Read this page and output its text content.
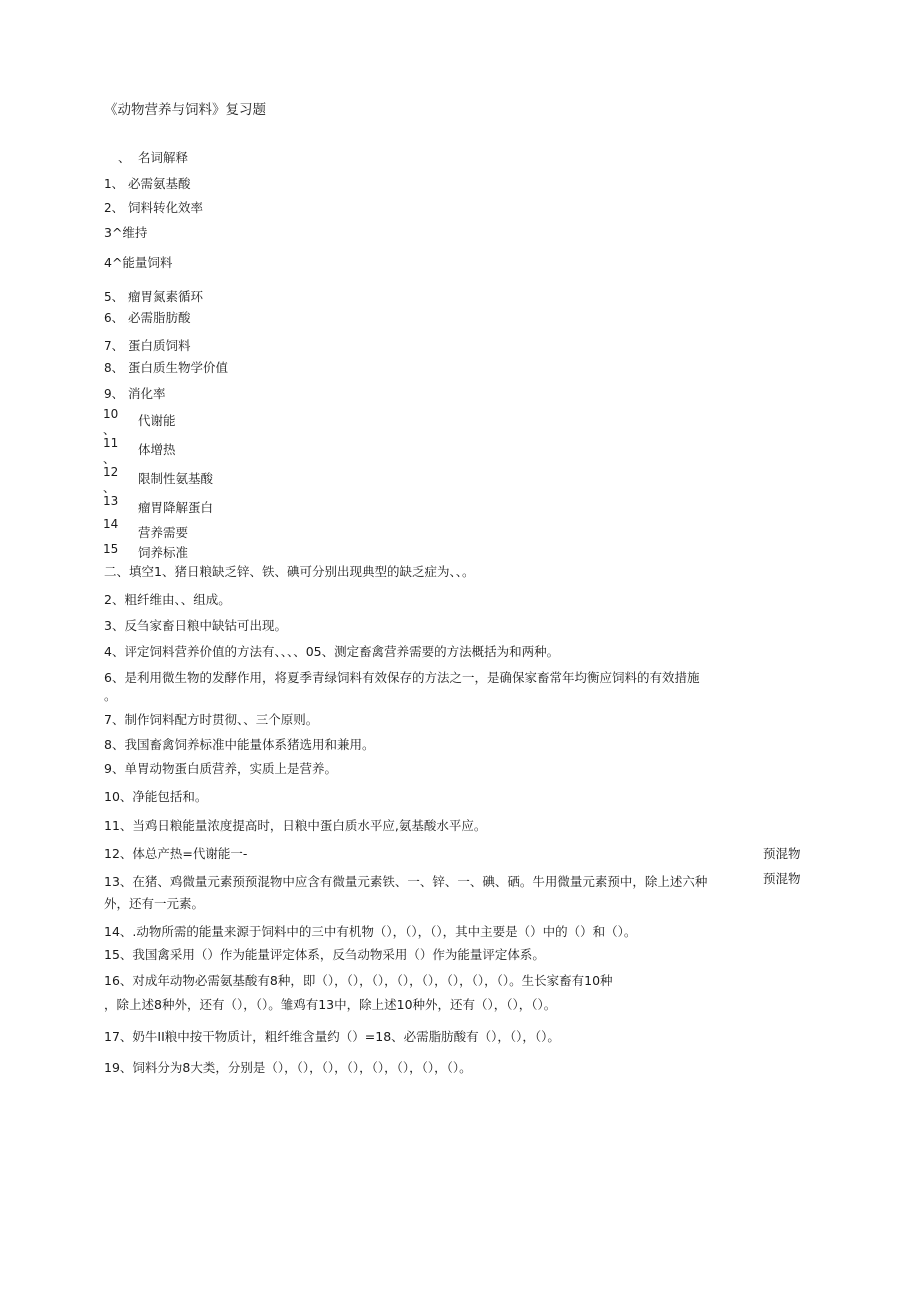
《动物营养与饲料》复习题
、 名词解释
1、 必需氨基酸
2、 饲料转化效率
3^维持
4^能量饲料
5、 瘤胃氮素循环
6、 必需脂肪酸
7、 蛋白质饲料
8、 蛋白质生物学价值
9、 消化率
10 代谢能
、
11 体增热
、
12 限制性氨基酸
、
13 瘤胃降解蛋白
14
营养需要
15 饲养标准
二、填空1、猪日粮缺乏锌、铁、碘可分别出现典型的缺乏症为、、。
2、粗纤维由、、组成。
3、反刍家畜日粮中缺钴可出现。
4、评定饲料营养价值的方法有、、、、05、测定畜禽营养需要的方法概括为和两种。
6、是利用微生物的发酵作用，将夏季青绿饲料有效保存的方法之一，是确保家畜常年均衡应饲料的有效措施
。
7、制作饲料配方时贯彻、、三个原则。
8、我国畜禽饲养标准中能量体系猪选用和兼用。
9、单胃动物蛋白质营养，实质上是营养。
10、净能包括和。
11、当鸡日粮能量浓度提高时，日粮中蛋白质水平应,氨基酸水平应。
12、体总产热=代谢能一-
13、在猪、鸡微量元素预预混物中应含有微量元素铁、一、锌、一、碘、硒。牛用微量元素预中，除上述六种
外，还有一元素。
14、.动物所需的能量来源于饲料中的三中有机物（），（），（），其中主要是（）中的（）和（）。
15、我国禽采用（）作为能量评定体系，反刍动物采用（）作为能量评定体系。
16、对成年动物必需氨基酸有8种，即（），（），（），（），（），（），（），（）。生长家畜有10种
，除上述8种外，还有（），（）。雏鸡有13中，除上述10种外，还有（），（），（）。
17、奶牛II粮中按干物质计，粗纤维含量约（）=18、必需脂肪酸有（），（），（）。
19、饲料分为8大类，分别是（），（），（），（），（），（），（），（）。
预混物
预混物
